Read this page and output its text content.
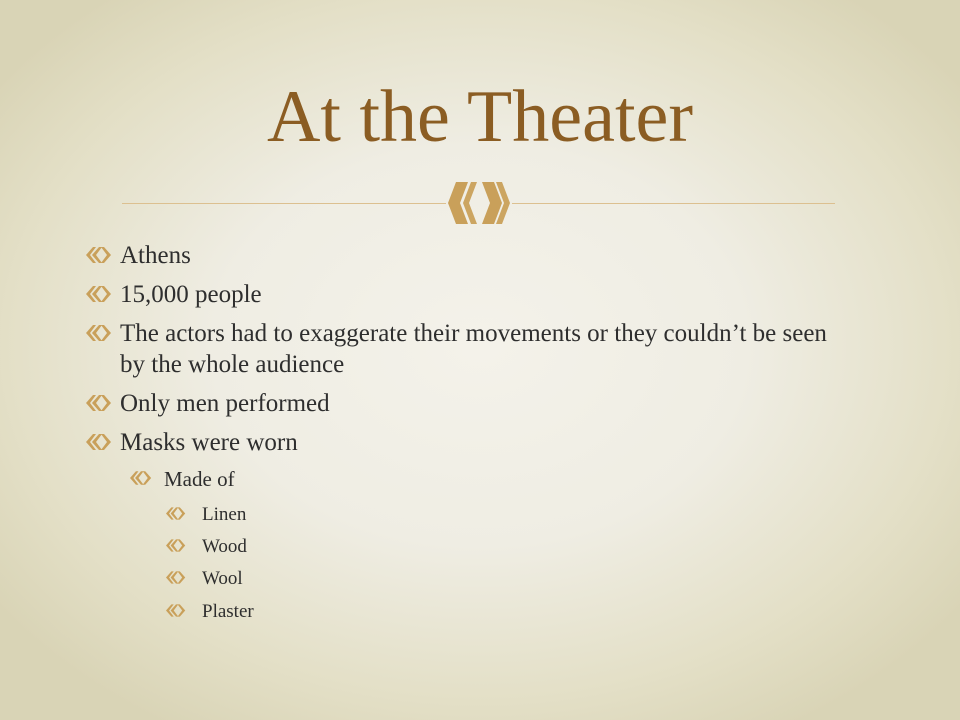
At the Theater
Athens
15,000 people
The actors had to exaggerate their movements or they couldn’t be seen by the whole audience
Only men performed
Masks were worn
Made of
Linen
Wood
Wool
Plaster
